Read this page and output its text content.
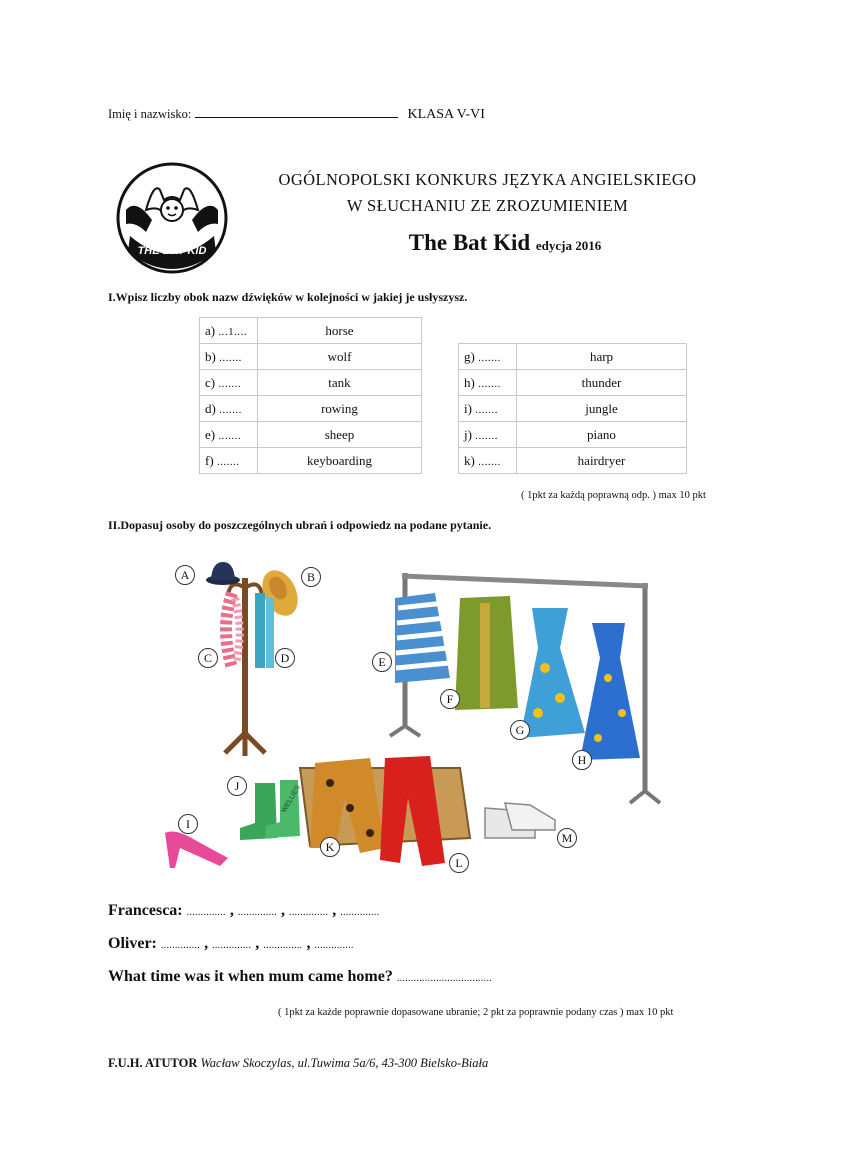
Imię i nazwisko:	KLASA V-VI
THE BAT KID
OGÓLNOPOLSKI KONKURS JĘZYKA ANGIELSKIEGO
W SŁUCHANIU ZE ZROZUMIENIEM
The Bat Kid edycja 2016
I.Wpisz liczby obok nazw dźwięków w kolejności w jakiej je usłyszysz.
a) ...1....	horse
b) .......	wolf
c) .......	tank
d) .......	rowing
e) .......	sheep
f) .......	keyboarding
g) .......	harp
h) .......	thunder
i) .......	jungle
j) .......	piano
k) .......	hairdryer
( 1pkt za każdą poprawną odp. ) max 10 pkt
II.Dopasuj osoby do poszczególnych ubrań i odpowiedz na podane pytanie.
WELLIES
A	B
C	D	E
F
G
H
I
J
K
L
M
Francesca: .............. , .............. , .............. , ..............
Oliver: .............. , .............. , .............. , ..............
What time was it when mum came home? ..................................
( 1pkt za każde poprawnie dopasowane ubranie; 2 pkt za poprawnie podany czas ) max 10 pkt
F.U.H. ATUTOR Wacław Skoczylas, ul.Tuwima 5a/6, 43-300 Bielsko-Biała
